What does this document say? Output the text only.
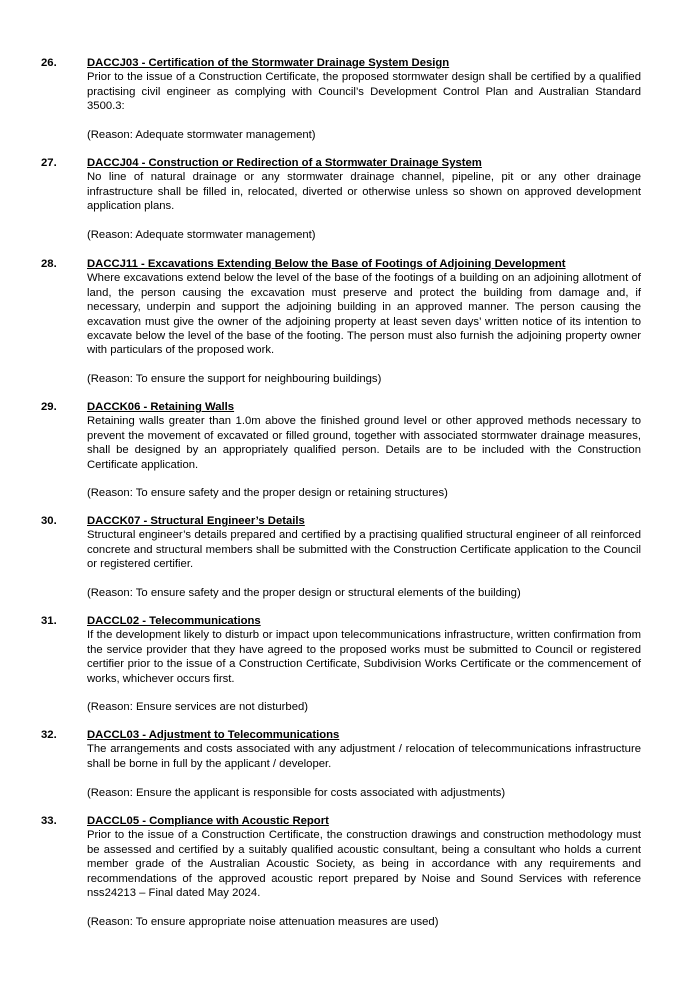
26.	DACCJ03 - Certification of the Stormwater Drainage System Design

Prior to the issue of a Construction Certificate, the proposed stormwater design shall be certified by a qualified practising civil engineer as complying with Council’s Development Control Plan and Australian Standard 3500.3:

(Reason: Adequate stormwater management)
27.	DACCJ04 - Construction or Redirection of a Stormwater Drainage System

No line of natural drainage or any stormwater drainage channel, pipeline, pit or any other drainage infrastructure shall be filled in, relocated, diverted or otherwise unless so shown on approved development application plans.

(Reason: Adequate stormwater management)
28.	DACCJ11 - Excavations Extending Below the Base of Footings of Adjoining Development

Where excavations extend below the level of the base of the footings of a building on an adjoining allotment of land, the person causing the excavation must preserve and protect the building from damage and, if necessary, underpin and support the adjoining building in an approved manner. The person causing the excavation must give the owner of the adjoining property at least seven days’ written notice of its intention to excavate below the level of the base of the footing. The person must also furnish the adjoining property owner with particulars of the proposed work.

(Reason: To ensure the support for neighbouring buildings)
29.	DACCK06 - Retaining Walls

Retaining walls greater than 1.0m above the finished ground level or other approved methods necessary to prevent the movement of excavated or filled ground, together with associated stormwater drainage measures, shall be designed by an appropriately qualified person. Details are to be included with the Construction Certificate application.

(Reason: To ensure safety and the proper design or retaining structures)
30.	DACCK07 - Structural Engineer’s Details

Structural engineer’s details prepared and certified by a practising qualified structural engineer of all reinforced concrete and structural members shall be submitted with the Construction Certificate application to the Council or registered certifier.

(Reason: To ensure safety and the proper design or structural elements of the building)
31.	DACCL02 - Telecommunications

If the development likely to disturb or impact upon telecommunications infrastructure, written confirmation from the service provider that they have agreed to the proposed works must be submitted to Council or registered certifier prior to the issue of a Construction Certificate, Subdivision Works Certificate or the commencement of works, whichever occurs first.

(Reason: Ensure services are not disturbed)
32.	DACCL03 - Adjustment to Telecommunications

The arrangements and costs associated with any adjustment / relocation of telecommunications infrastructure shall be borne in full by the applicant / developer.

(Reason: Ensure the applicant is responsible for costs associated with adjustments)
33.	DACCL05 - Compliance with Acoustic Report

Prior to the issue of a Construction Certificate, the construction drawings and construction methodology must be assessed and certified by a suitably qualified acoustic consultant, being a consultant who holds a current member grade of the Australian Acoustic Society, as being in accordance with any requirements and recommendations of the approved acoustic report prepared by Noise and Sound Services with reference nss24213 – Final dated May 2024.

(Reason: To ensure appropriate noise attenuation measures are used)
